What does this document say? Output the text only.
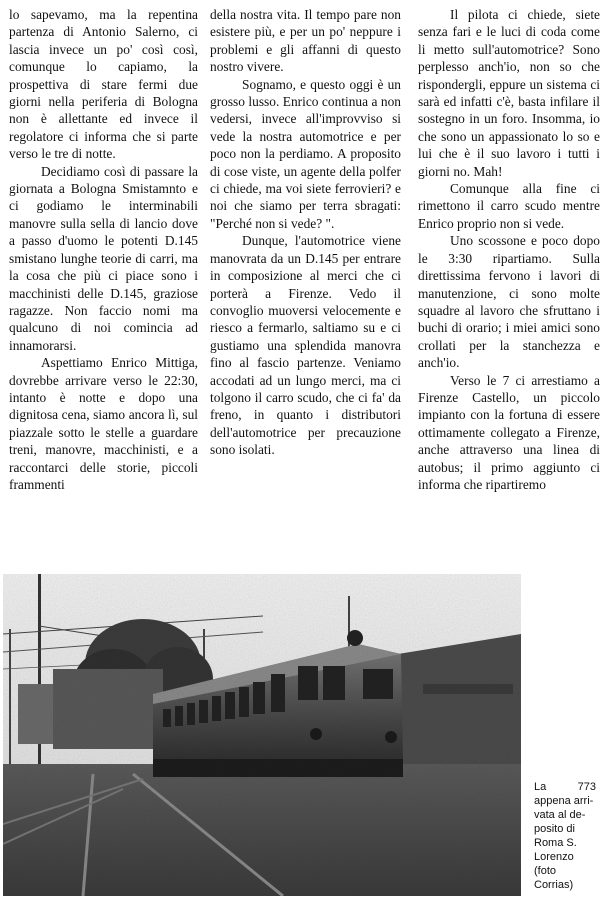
lo sapevamo, ma la repentina partenza di Antonio Salerno, ci lascia invece un po' così così, comunque lo capiamo, la prospettiva di stare fermi due giorni nella periferia di Bologna non è allettante ed invece il regolatore ci informa che si parte verso le tre di notte.

Decidiamo così di passare la giornata a Bologna Smistamnto e ci godiamo le interminabili manovre sulla sella di lancio dove a passo d'uomo le potenti D.145 smistano lunghe teorie di carri, ma la cosa che più ci piace sono i macchinisti delle D.145, graziose ragazze. Non faccio nomi ma qualcuno di noi comincia ad innamorarsi.

Aspettiamo Enrico Mittiga, dovrebbe arrivare verso le 22:30, intanto è notte e dopo una dignitosa cena, siamo ancora lì, sul piazzale sotto le stelle a guardare treni, manovre, macchinisti, e a raccontarci delle storie, piccoli frammenti

della nostra vita. Il tempo pare non esistere più, e per un po' neppure i problemi e gli affanni di questo nostro vivere.

Sognamo, e questo oggi è un grosso lusso. Enrico continua a non vedersi, invece all'improvviso si vede la nostra automotrice e per poco non la perdiamo. A proposito di cose viste, un agente della polfer ci chiede, ma voi siete ferrovieri? e noi che siamo per terra sbragati: "Perché non si vede? ".

Dunque, l'automotrice viene manovrata da un D.145 per entrare in composizione al merci che ci porterà a Firenze. Vedo il convoglio muoversi velocemente e riesco a fermarlo, saltiamo su e ci gustiamo una splendida manovra fino al fascio partenze. Veniamo accodati ad un lungo merci, ma ci tolgono il carro scudo, che ci fa' da freno, in quanto i distributori dell'automotrice per precauzione sono isolati.

Il pilota ci chiede, siete senza fari e le luci di coda come li metto sull'automotrice? Sono perplesso anch'io, non so che rispondergli, eppure un sistema ci sarà ed infatti c'è, basta infilare il sostegno in un foro. Insomma, io che sono un appassionato lo so e lui che è il suo lavoro i tutti i giorni no. Mah!

Comunque alla fine ci rimettono il carro scudo mentre Enrico proprio non si vede.

Uno scossone e poco dopo le 3:30 ripartiamo. Sulla direttissima fervono i lavori di manutenzione, ci sono molte squadre al lavoro che sfruttano i buchi di orario; i miei amici sono crollati per la stanchezza e anch'io.

Verso le 7 ci arrestiamo a Firenze Castello, un piccolo impianto con la fortuna di essere ottimamente collegato a Firenze, anche attraverso una linea di autobus; il primo aggiunto ci informa che ripartiremo

La 773 appena arri-
vata al de-
posito di
Roma S.
Lorenzo
(foto
Corrias)
